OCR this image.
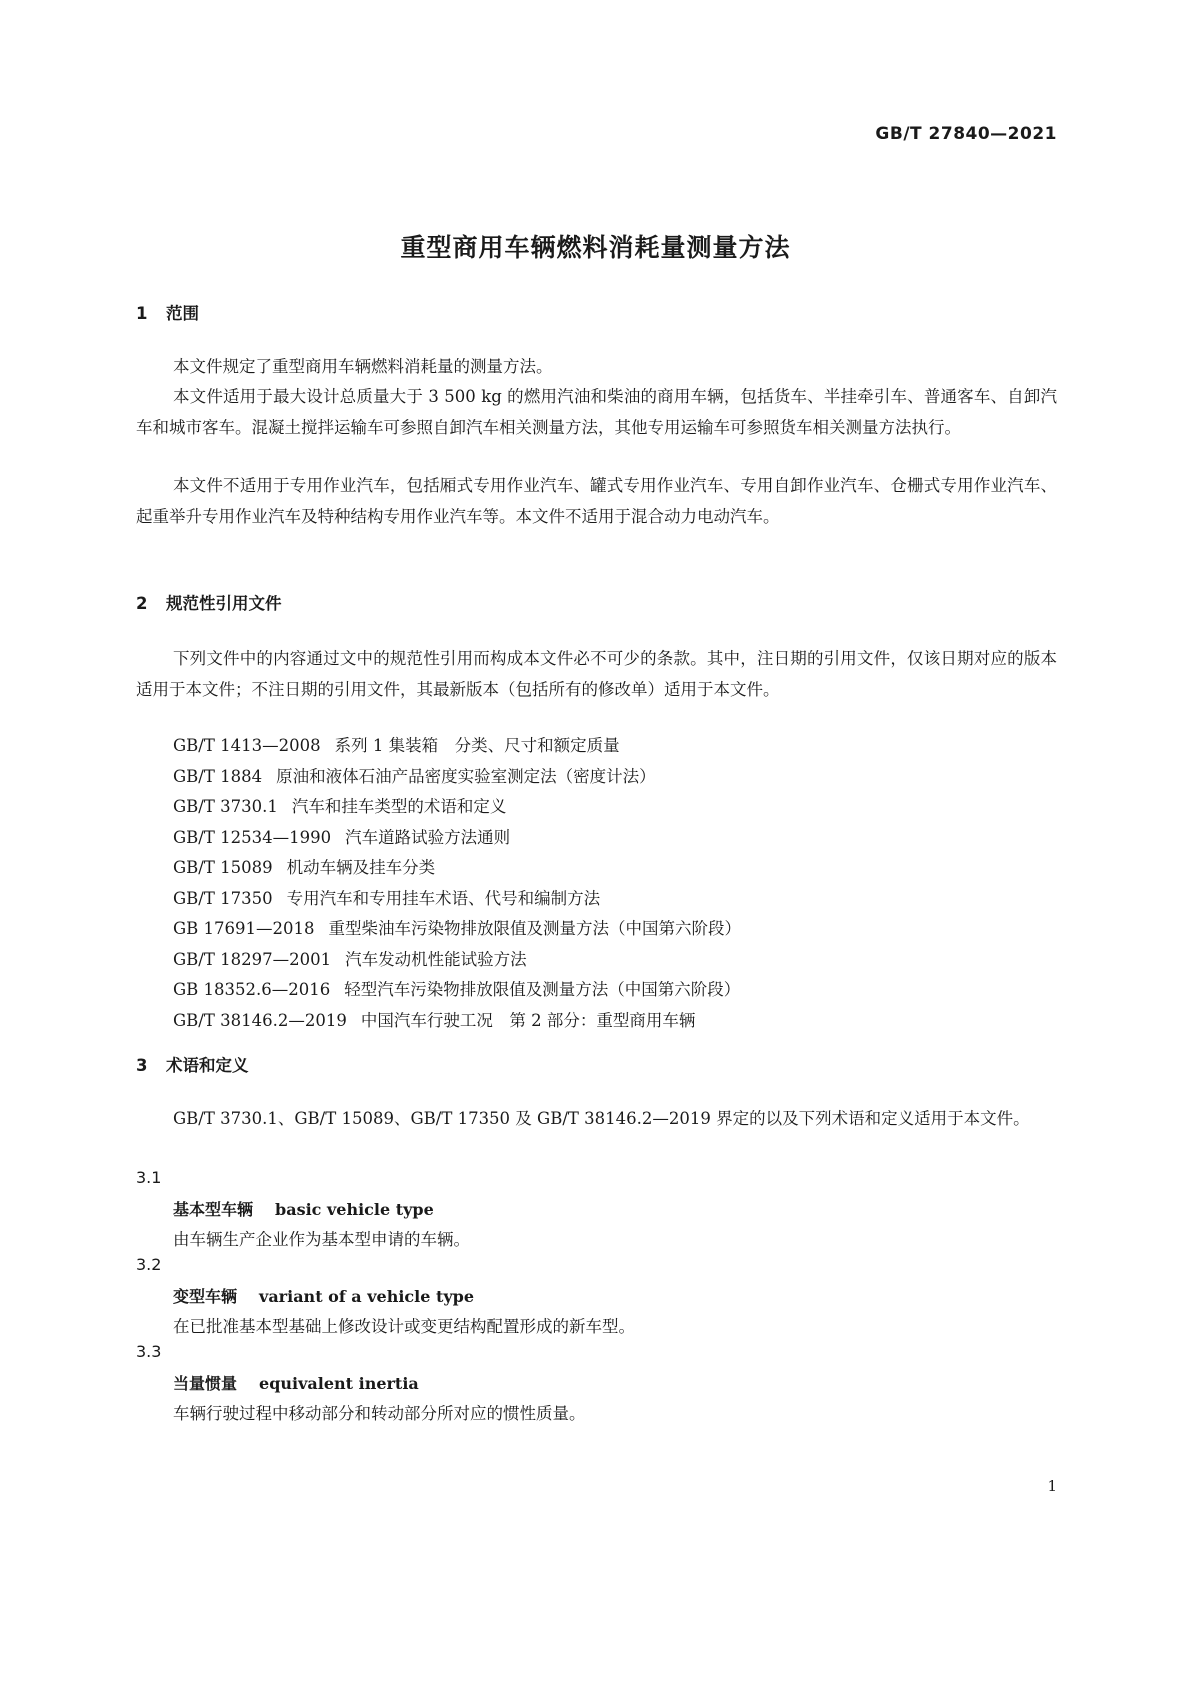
GB/T 27840—2021
重型商用车辆燃料消耗量测量方法
1 范围

本文件规定了重型商用车辆燃料消耗量的测量方法。

本文件适用于最大设计总质量大于 3 500 kg 的燃用汽油和柴油的商用车辆，包括货车、半挂牵引车、普通客车、自卸汽车和城市客车。混凝土搅拌运输车可参照自卸汽车相关测量方法，其他专用运输车可参照货车相关测量方法执行。

本文件不适用于专用作业汽车，包括厢式专用作业汽车、罐式专用作业汽车、专用自卸作业汽车、仓栅式专用作业汽车、起重举升专用作业汽车及特种结构专用作业汽车等。本文件不适用于混合动力电动汽车。

2 规范性引用文件

下列文件中的内容通过文中的规范性引用而构成本文件必不可少的条款。其中，注日期的引用文件，仅该日期对应的版本适用于本文件；不注日期的引用文件，其最新版本（包括所有的修改单）适用于本文件。

GB/T 1413—2008 系列 1 集装箱　分类、尺寸和额定质量
GB/T 1884 原油和液体石油产品密度实验室测定法（密度计法）
GB/T 3730.1 汽车和挂车类型的术语和定义
GB/T 12534—1990 汽车道路试验方法通则
GB/T 15089 机动车辆及挂车分类
GB/T 17350 专用汽车和专用挂车术语、代号和编制方法
GB 17691—2018 重型柴油车污染物排放限值及测量方法（中国第六阶段）
GB/T 18297—2001 汽车发动机性能试验方法
GB 18352.6—2016 轻型汽车污染物排放限值及测量方法（中国第六阶段）
GB/T 38146.2—2019 中国汽车行驶工况　第 2 部分：重型商用车辆
3 术语和定义

GB/T 3730.1、GB/T 15089、GB/T 17350 及 GB/T 38146.2—2019 界定的以及下列术语和定义适用于本文件。

3.1
基本型车辆 basic vehicle type
由车辆生产企业作为基本型申请的车辆。
3.2
变型车辆 variant of a vehicle type
在已批准基本型基础上修改设计或变更结构配置形成的新车型。
3.3
当量惯量 equivalent inertia
车辆行驶过程中移动部分和转动部分所对应的惯性质量。
1
